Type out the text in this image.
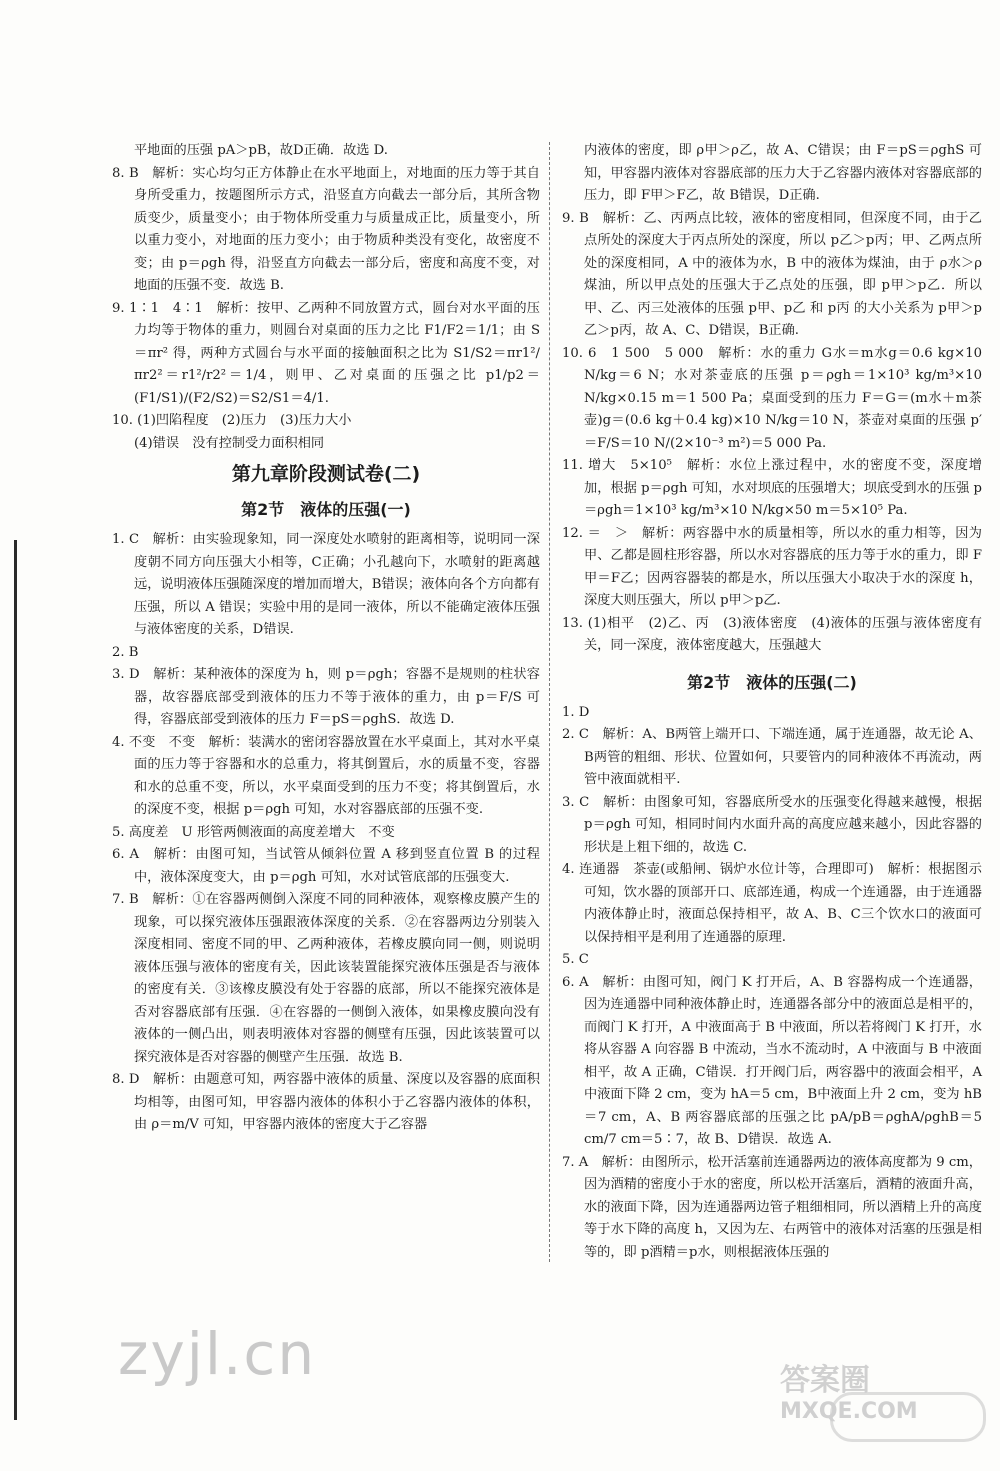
平地面的压强 pA＞pB，故D正确．故选 D.

8. B　解析：实心均匀正方体静止在水平地面上，对地面的压力等于其自身所受重力，按题图所示方式，沿竖直方向截去一部分后，其所含物质变少，质量变小；由于物体所受重力与质量成正比，质量变小，所以重力变小，对地面的压力变小；由于物质种类没有变化，故密度不变；由 p＝ρgh 得，沿竖直方向截去一部分后，密度和高度不变，对地面的压强不变．故选 B.

9. 1∶1　4∶1　解析：按甲、乙两种不同放置方式，圆台对水平面的压力均等于物体的重力，则圆台对桌面的压力之比 F1/F2＝1/1；由 S＝πr² 得，两种方式圆台与水平面的接触面积之比为 S1/S2＝πr1²/πr2²＝r1²/r2²＝1/4，则甲、乙对桌面的压强之比 p1/p2＝(F1/S1)/(F2/S2)＝S2/S1＝4/1.

10. (1)凹陷程度　(2)压力　(3)压力大小

(4)错误　没有控制受力面积相同

第九章阶段测试卷(二)
第2节　液体的压强(一)

1. C　解析：由实验现象知，同一深度处水喷射的距离相等，说明同一深度朝不同方向压强大小相等，C正确；小孔越向下，水喷射的距离越远，说明液体压强随深度的增加而增大，B错误；液体向各个方向都有压强，所以 A 错误；实验中用的是同一液体，所以不能确定液体压强与液体密度的关系，D错误.

2. B

3. D　解析：某种液体的深度为 h，则 p＝ρgh；容器不是规则的柱状容器，故容器底部受到液体的压力不等于液体的重力，由 p＝F/S 可得，容器底部受到液体的压力 F＝pS＝ρghS．故选 D.

4. 不变　不变　解析：装满水的密闭容器放置在水平桌面上，其对水平桌面的压力等于容器和水的总重力，将其倒置后，水的质量不变，容器和水的总重不变，所以，水平桌面受到的压力不变；将其倒置后，水的深度不变，根据 p＝ρgh 可知，水对容器底部的压强不变.

5. 高度差　U 形管两侧液面的高度差增大　不变

6. A　解析：由图可知，当试管从倾斜位置 A 移到竖直位置 B 的过程中，液体深度变大，由 p＝ρgh 可知，水对试管底部的压强变大.

7. B　解析：①在容器两侧倒入深度不同的同种液体，观察橡皮膜产生的现象，可以探究液体压强跟液体深度的关系．②在容器两边分别装入深度相同、密度不同的甲、乙两种液体，若橡皮膜向同一侧，则说明液体压强与液体的密度有关，因此该装置能探究液体压强是否与液体的密度有关．③该橡皮膜没有处于容器的底部，所以不能探究液体是否对容器底部有压强．④在容器的一侧倒入液体，如果橡皮膜向没有液体的一侧凸出，则表明液体对容器的侧壁有压强，因此该装置可以探究液体是否对容器的侧壁产生压强．故选 B.

8. D　解析：由题意可知，两容器中液体的质量、深度以及容器的底面积均相等，由图可知，甲容器内液体的体积小于乙容器内液体的体积，由 ρ＝m/V 可知，甲容器内液体的密度大于乙容器

内液体的密度，即 ρ甲＞ρ乙，故 A、C错误；由 F＝pS＝ρghS 可知，甲容器内液体对容器底部的压力大于乙容器内液体对容器底部的压力，即 F甲＞F乙，故 B错误，D正确.

9. B　解析：乙、丙两点比较，液体的密度相同，但深度不同，由于乙点所处的深度大于丙点所处的深度，所以 p乙＞p丙；甲、乙两点所处的深度相同，A 中的液体为水，B 中的液体为煤油，由于 ρ水＞ρ煤油，所以甲点处的压强大于乙点处的压强，即 p甲＞p乙．所以甲、乙、丙三处液体的压强 p甲、p乙 和 p丙 的大小关系为 p甲＞p乙＞p丙，故 A、C、D错误，B正确.

10. 6　1 500　5 000　解析：水的重力 G水＝m水g＝0.6 kg×10 N/kg＝6 N；水对茶壶底的压强 p＝ρgh＝1×10³ kg/m³×10 N/kg×0.15 m＝1 500 Pa；桌面受到的压力 F＝G＝(m水＋m茶壶)g＝(0.6 kg＋0.4 kg)×10 N/kg＝10 N，茶壶对桌面的压强 p′＝F/S＝10 N/(2×10⁻³ m²)＝5 000 Pa.

11. 增大　5×10⁵　解析：水位上涨过程中，水的密度不变，深度增加，根据 p＝ρgh 可知，水对坝底的压强增大；坝底受到水的压强 p＝ρgh＝1×10³ kg/m³×10 N/kg×50 m＝5×10⁵ Pa.

12. ＝　＞　解析：两容器中水的质量相等，所以水的重力相等，因为甲、乙都是圆柱形容器，所以水对容器底的压力等于水的重力，即 F甲＝F乙；因两容器装的都是水，所以压强大小取决于水的深度 h，深度大则压强大，所以 p甲＞p乙.

13. (1)相平　(2)乙、丙　(3)液体密度　(4)液体的压强与液体密度有关，同一深度，液体密度越大，压强越大

第2节　液体的压强(二)

1. D

2. C　解析：A、B两管上端开口、下端连通，属于连通器，故无论 A、B两管的粗细、形状、位置如何，只要管内的同种液体不再流动，两管中液面就相平.

3. C　解析：由图象可知，容器底所受水的压强变化得越来越慢，根据 p＝ρgh 可知，相同时间内水面升高的高度应越来越小，因此容器的形状是上粗下细的，故选 C.

4. 连通器　茶壶(或船闸、锅炉水位计等，合理即可)　解析：根据图示可知，饮水器的顶部开口、底部连通，构成一个连通器，由于连通器内液体静止时，液面总保持相平，故 A、B、C三个饮水口的液面可以保持相平是利用了连通器的原理.

5. C

6. A　解析：由图可知，阀门 K 打开后，A、B 容器构成一个连通器，因为连通器中同种液体静止时，连通器各部分中的液面总是相平的，而阀门 K 打开，A 中液面高于 B 中液面，所以若将阀门 K 打开，水将从容器 A 向容器 B 中流动，当水不流动时，A 中液面与 B 中液面相平，故 A 正确，C错误．打开阀门后，两容器中的液面会相平，A 中液面下降 2 cm，变为 hA＝5 cm，B中液面上升 2 cm，变为 hB＝7 cm，A、B 两容器底部的压强之比 pA/pB＝ρghA/ρghB＝5 cm/7 cm＝5∶7，故 B、D错误．故选 A.

7. A　解析：由图所示，松开活塞前连通器两边的液体高度都为 9 cm，因为酒精的密度小于水的密度，所以松开活塞后，酒精的液面升高，水的液面下降，因为连通器两边管子粗细相同，所以酒精上升的高度等于水下降的高度 h，又因为左、右两管中的液体对活塞的压强是相等的，即 p酒精＝p水，则根据液体压强的

zyjl.cn	答案圈
MXQE.COM
